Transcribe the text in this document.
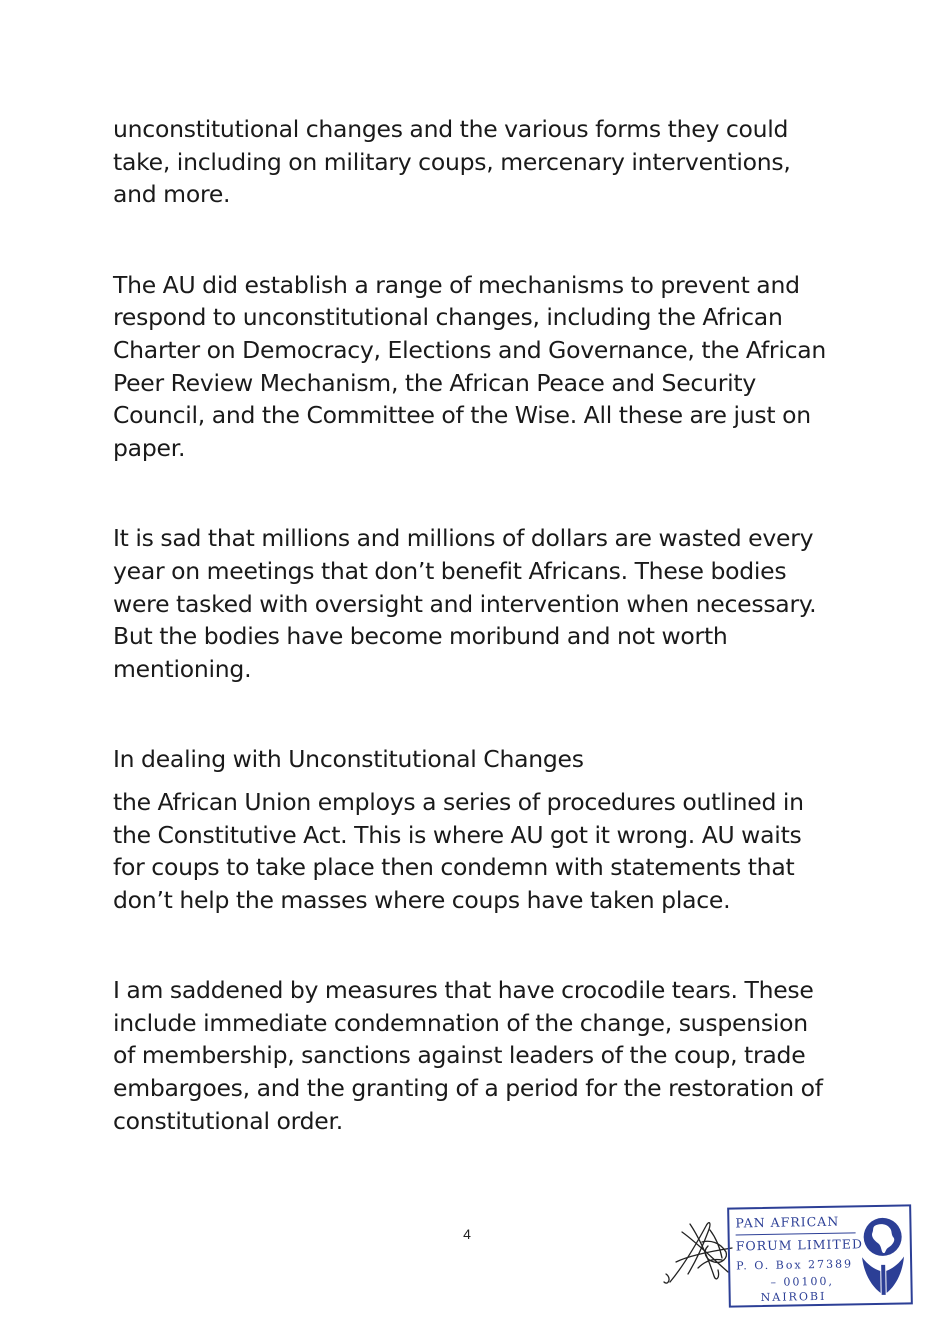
unconstitutional changes and the various forms they could take, including on military coups, mercenary interventions, and more.

The AU did establish a range of mechanisms to prevent and respond to unconstitutional changes, including the African Charter on Democracy, Elections and Governance, the African Peer Review Mechanism, the African Peace and Security Council, and the Committee of the Wise. All these are just on paper.

It is sad that millions and millions of dollars are wasted every year on meetings that don’t benefit Africans. These bodies were tasked with oversight and intervention when necessary. But the bodies have become moribund and not worth mentioning.

In dealing with Unconstitutional Changes

the African Union employs a series of procedures outlined in the Constitutive Act. This is where AU got it wrong. AU waits for coups to take place then condemn with statements that don’t help the masses where coups have taken place.

I am saddened by measures that have crocodile tears. These include immediate condemnation of the change, suspension of membership, sanctions against leaders of the coup, trade embargoes, and the granting of a period for the restoration of constitutional order.

4
PAN AFRICAN
FORUM LIMITED
P. O. Box 27389
– 00100,
NAIROBI
